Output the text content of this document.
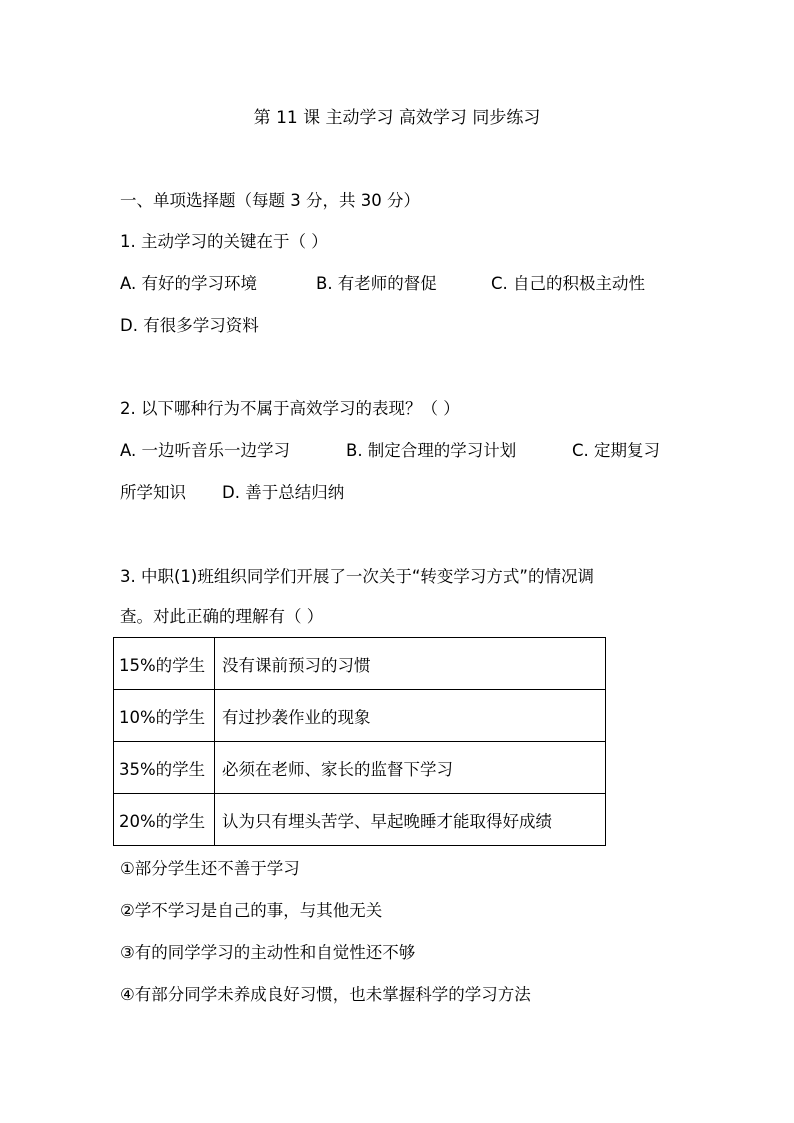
第 11 课 主动学习 高效学习 同步练习
一、单项选择题（每题 3 分，共 30 分）
1. 主动学习的关键在于（ ）
A. 有好的学习环境	B. 有老师的督促	C. 自己的积极主动性
D. 有很多学习资料
2. 以下哪种行为不属于高效学习的表现？（ ）
A. 一边听音乐一边学习	B. 制定合理的学习计划	C. 定期复习
所学知识 D. 善于总结归纳
3. 中职(1)班组织同学们开展了一次关于“转变学习方式”的情况调
查。对此正确的理解有（ ）
15%的学生	没有课前预习的习惯
10%的学生	有过抄袭作业的现象
35%的学生	必须在老师、家长的监督下学习
20%的学生	认为只有埋头苦学、早起晚睡才能取得好成绩
①部分学生还不善于学习
②学不学习是自己的事，与其他无关
③有的同学学习的主动性和自觉性还不够
④有部分同学未养成良好习惯，也未掌握科学的学习方法
